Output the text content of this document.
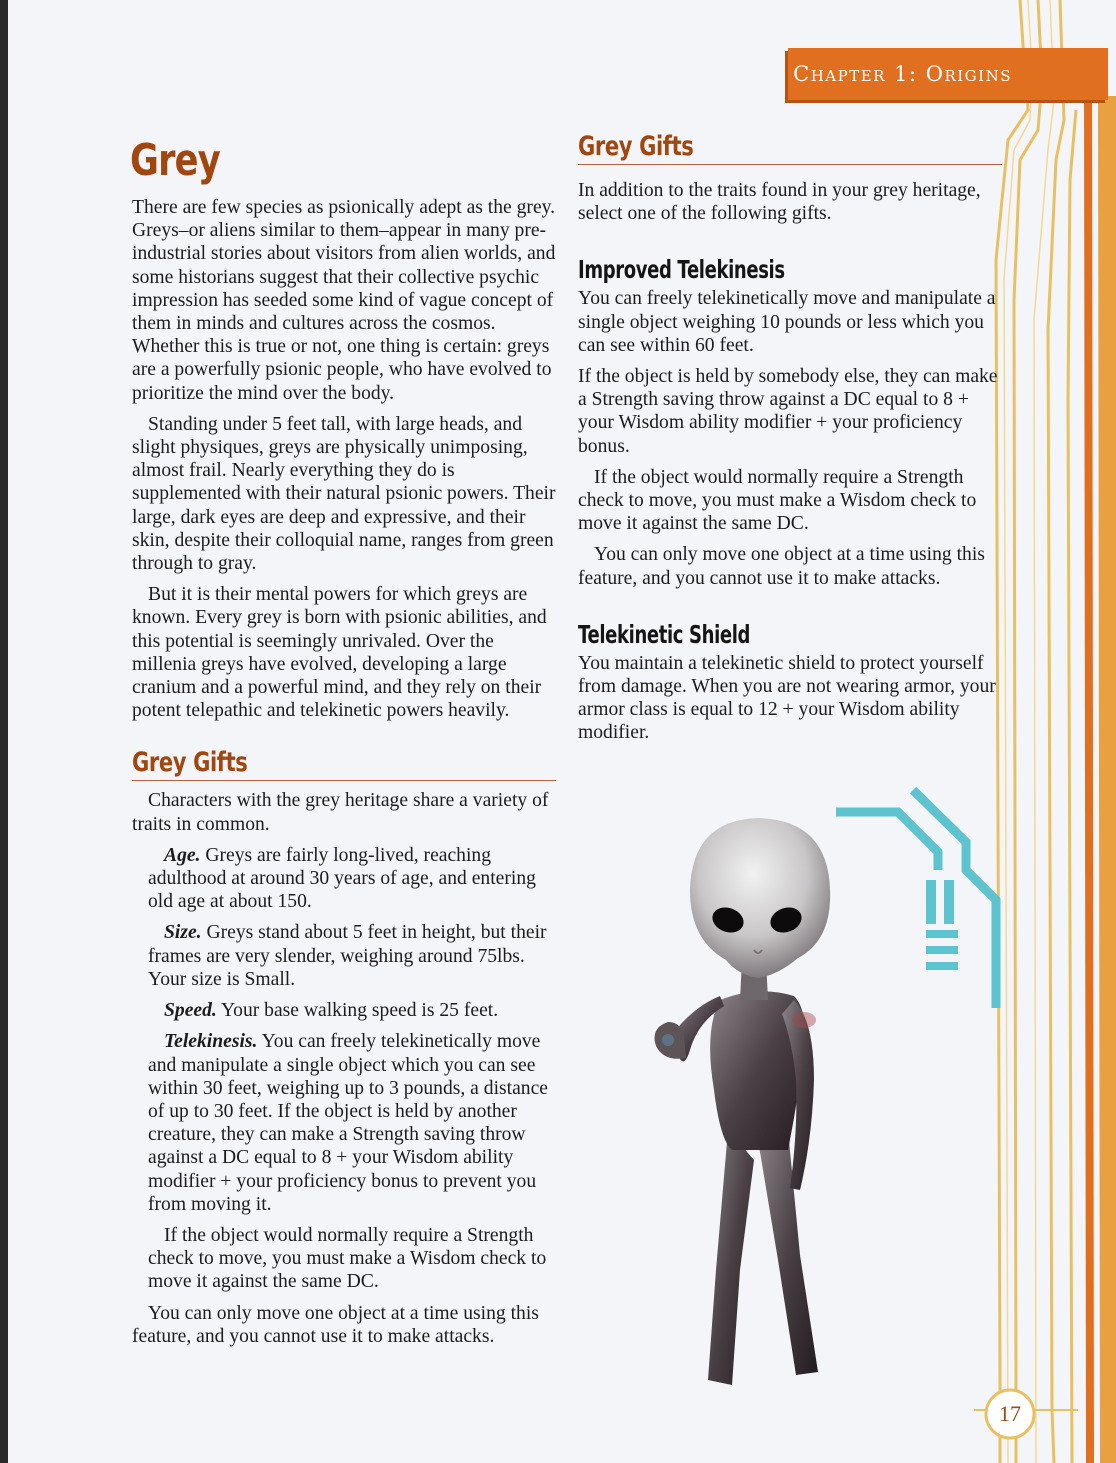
Chapter 1: Origins
Grey

There are few species as psionically adept as the grey. Greys–or aliens similar to them–appear in many pre-industrial stories about visitors from alien worlds, and some historians suggest that their collective psychic impression has seeded some kind of vague concept of them in minds and cultures across the cosmos. Whether this is true or not, one thing is certain: greys are a powerfully psionic people, who have evolved to prioritize the mind over the body.

Standing under 5 feet tall, with large heads, and slight physiques, greys are physically unimposing, almost frail. Nearly everything they do is supplemented with their natural psionic powers. Their large, dark eyes are deep and expressive, and their skin, despite their colloquial name, ranges from green through to gray.

But it is their mental powers for which greys are known. Every grey is born with psionic abilities, and this potential is seemingly unrivaled. Over the millenia greys have evolved, developing a large cranium and a powerful mind, and they rely on their potent telepathic and telekinetic powers heavily.

Grey Gifts

Characters with the grey heritage share a variety of traits in common.

Age. Greys are fairly long-lived, reaching adulthood at around 30 years of age, and entering old age at about 150.

Size. Greys stand about 5 feet in height, but their frames are very slender, weighing around 75lbs. Your size is Small.

Speed. Your base walking speed is 25 feet.

Telekinesis. You can freely telekinetically move and manipulate a single object which you can see within 30 feet, weighing up to 3 pounds, a distance of up to 30 feet. If the object is held by another creature, they can make a Strength saving throw against a DC equal to 8 + your Wisdom ability modifier + your proficiency bonus to prevent you from moving it.

If the object would normally require a Strength check to move, you must make a Wisdom check to move it against the same DC.

You can only move one object at a time using this feature, and you cannot use it to make attacks.

Grey Gifts

In addition to the traits found in your grey heritage, select one of the following gifts.

Improved Telekinesis

You can freely telekinetically move and manipulate a single object weighing 10 pounds or less which you can see within 60 feet.

If the object is held by somebody else, they can make a Strength saving throw against a DC equal to 8 + your Wisdom ability modifier + your proficiency bonus.

If the object would normally require a Strength check to move, you must make a Wisdom check to move it against the same DC.

You can only move one object at a time using this feature, and you cannot use it to make attacks.

Telekinetic Shield

You maintain a telekinetic shield to protect yourself from damage. When you are not wearing armor, your armor class is equal to 12 + your Wisdom ability modifier.

17
